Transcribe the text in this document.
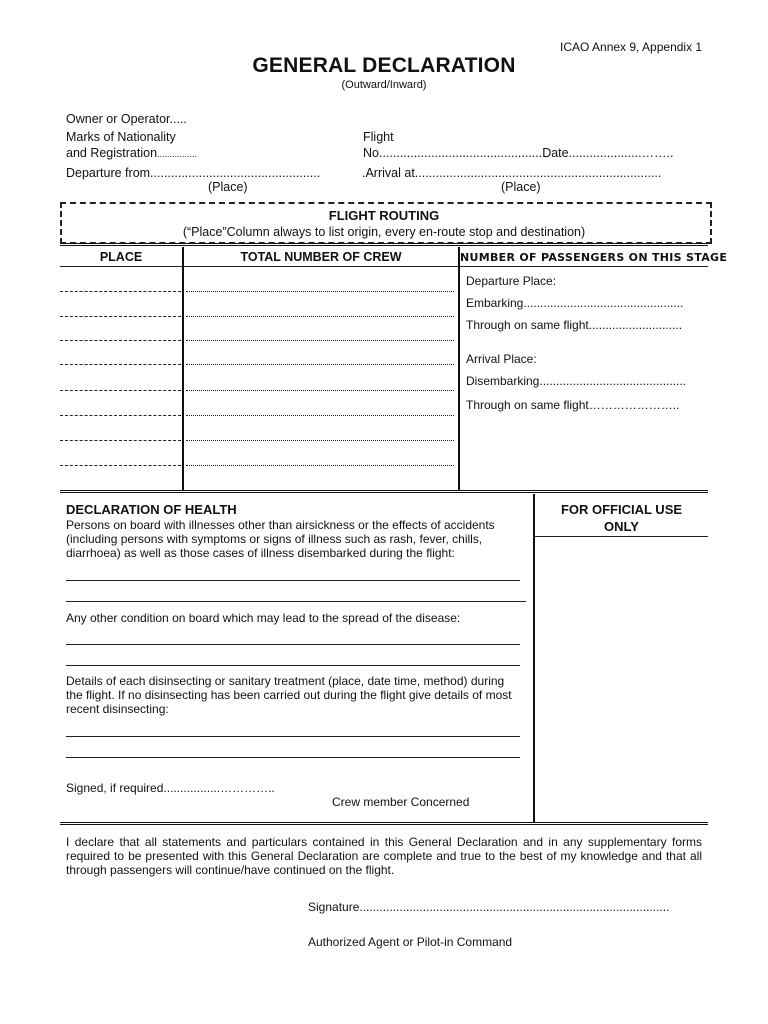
ICAO Annex 9, Appendix 1
GENERAL DECLARATION
(Outward/Inward)
Owner or Operator.....
Marks of Nationality
and Registration................
Flight
No...............................................Date.....................……..
Departure from.................................................
(Place)
.Arrival at.......................................................................
(Place)
FLIGHT ROUTING
(“Place”Column always to list origin, every en-route stop and destination)
PLACE	TOTAL NUMBER OF CREW	NUMBER OF PASSENGERS ON THIS STAGE
Departure Place:
Embarking................................................
Through on same flight............................
Arrival Place:
Disembarking............................................
Through on same flight…………………..
DECLARATION OF HEALTH
Persons on board with illnesses other than airsickness or the effects of accidents (including persons with symptoms or signs of illness such as rash, fever, chills, diarrhoea) as well as those cases of illness disembarked during the flight:
FOR OFFICIAL USE
ONLY
Any other condition on board which may lead to the spread of the disease:
Details of each disinsecting or sanitary treatment (place, date time, method) during the flight. If no disinsecting has been carried out during the flight give details of most recent disinsecting:
Signed, if required.................…………..
Crew member Concerned
I declare that all statements and particulars contained in this General Declaration and in any supplementary forms required to be presented with this General Declaration are complete and true to the best of my knowledge and that all through passengers will continue/have continued on the flight.
Signature.............................................................................................
Authorized Agent or Pilot-in Command
